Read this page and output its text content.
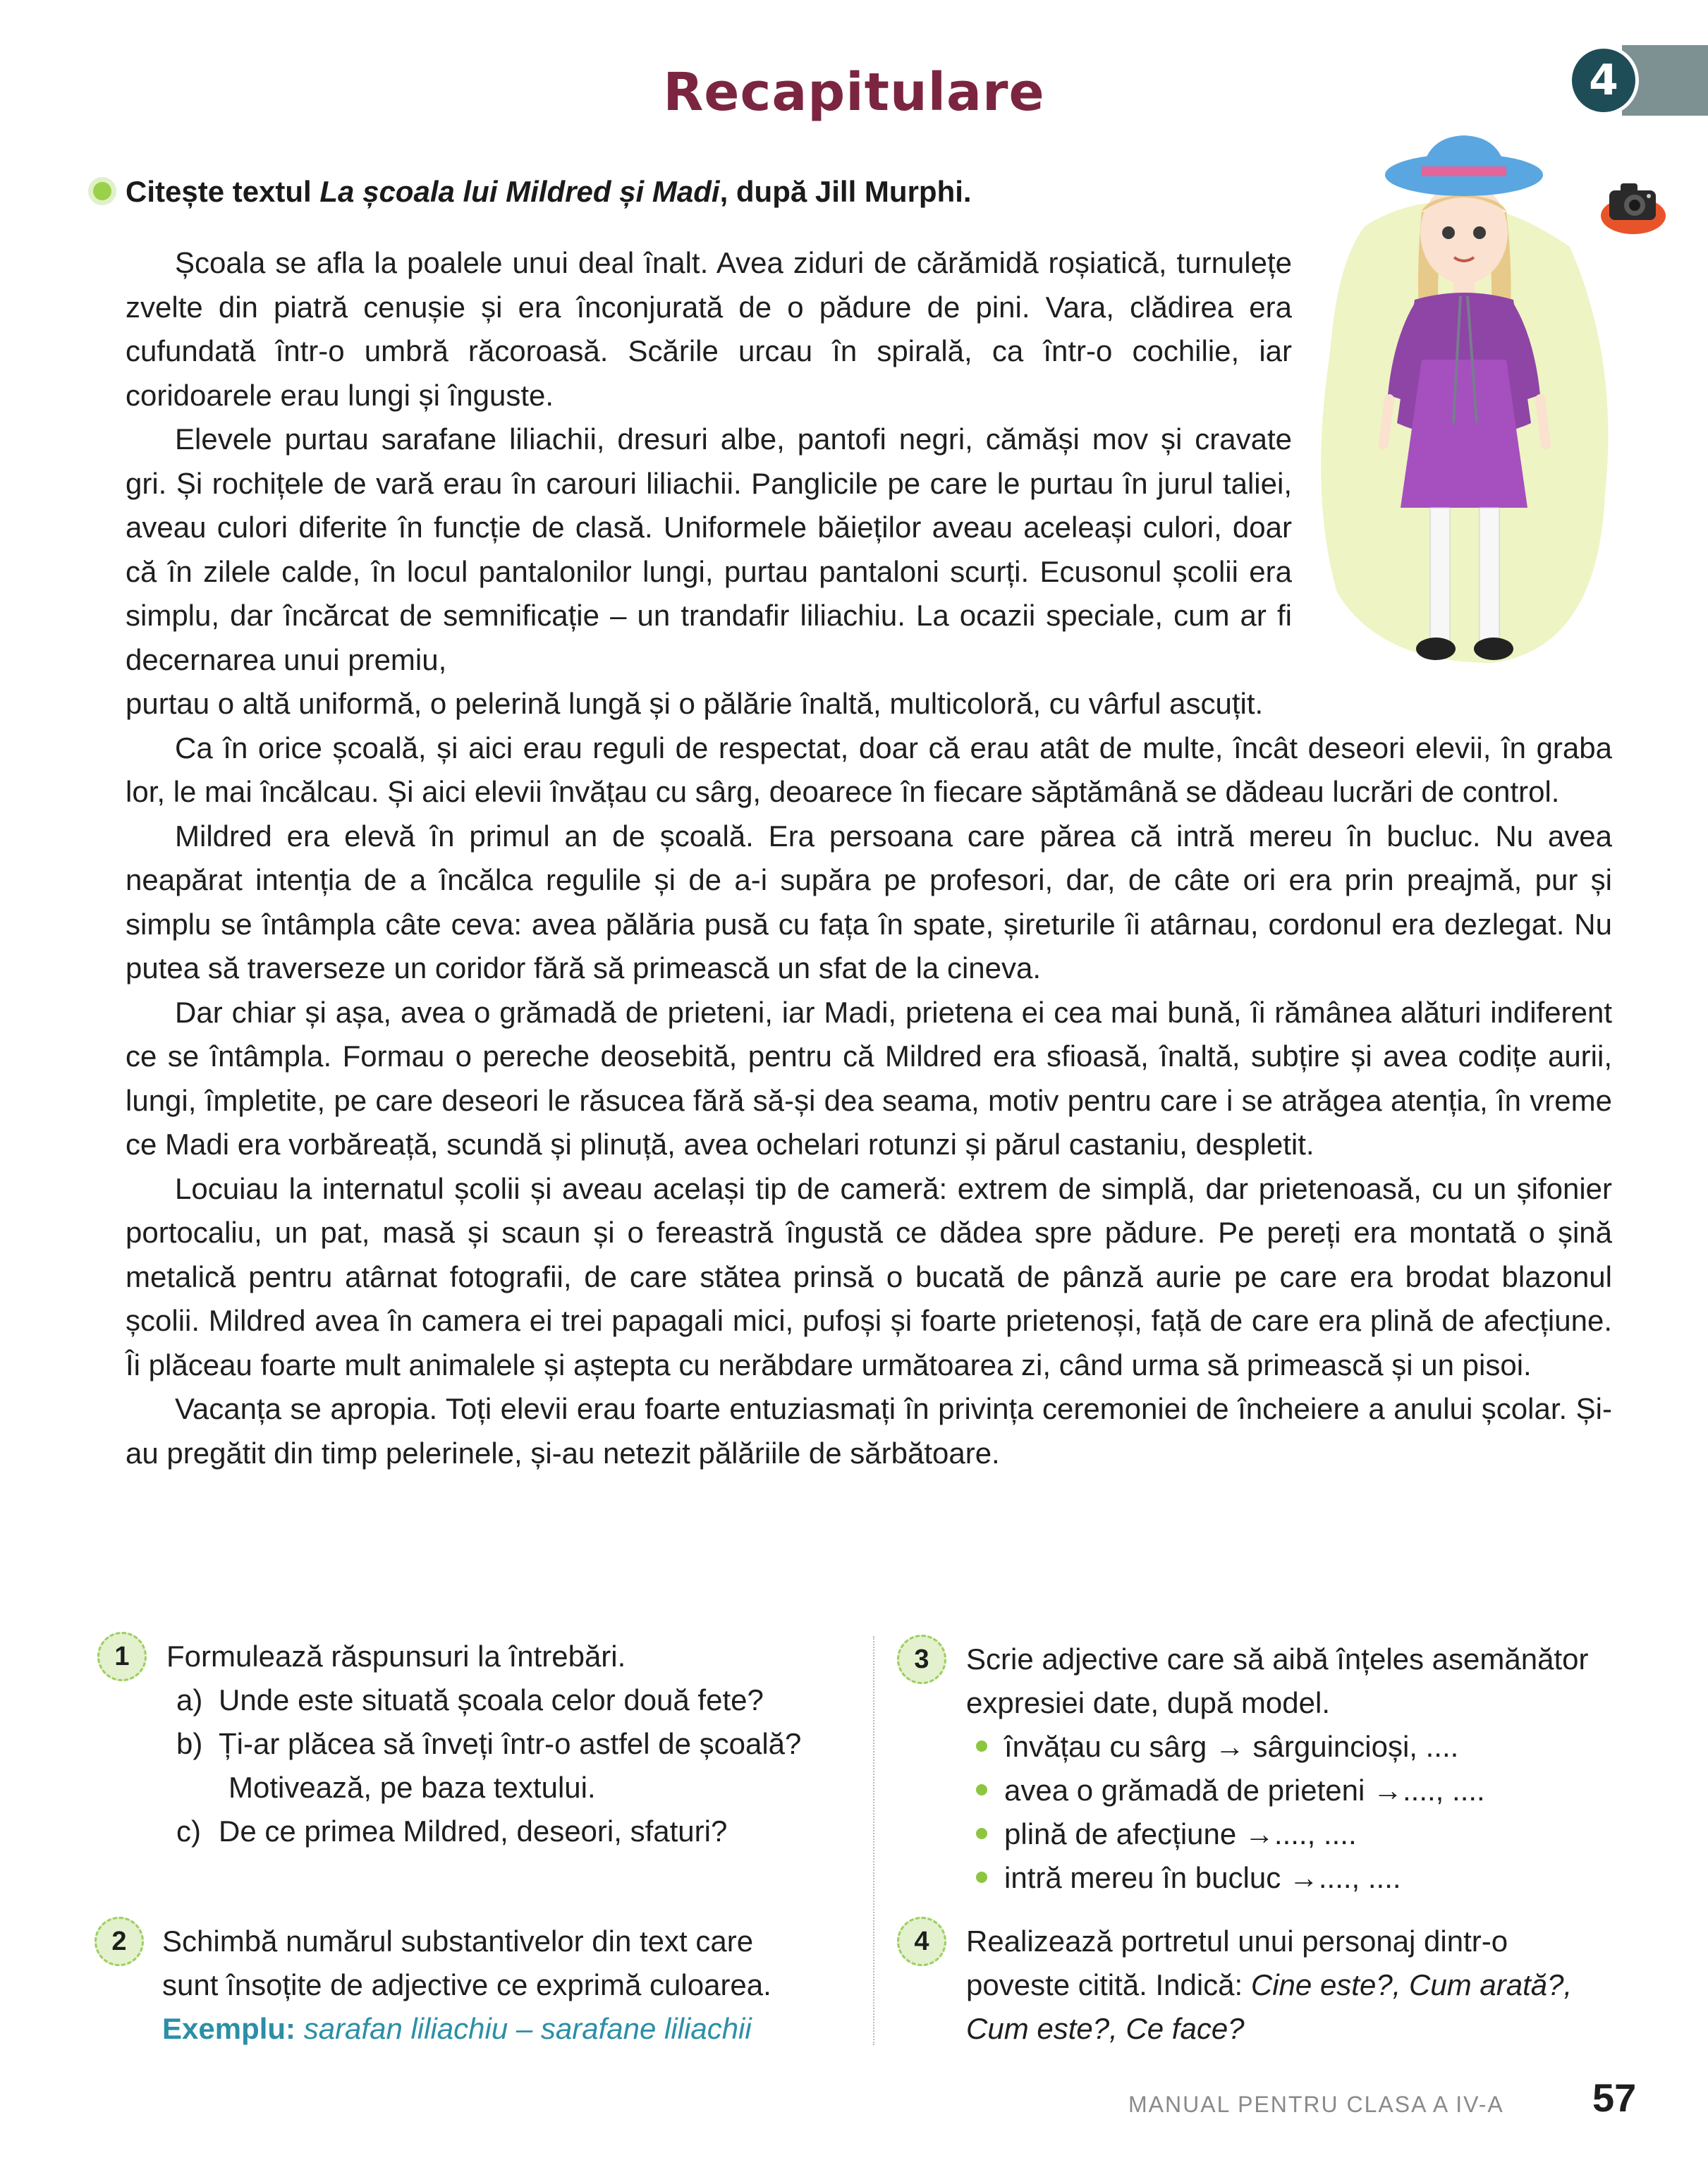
Recapitulare	4
Citește textul La școala lui Mildred și Madi, după Jill Murphi.

Școala se afla la poalele unui deal înalt. Avea ziduri de cărămidă roșiatică, turnulețe zvelte din piatră cenușie și era înconjurată de o pădure de pini. Vara, clădirea era cufundată într-o umbră răcoroasă. Scările urcau în spirală, ca într-o cochilie, iar coridoarele erau lungi și înguste.

Elevele purtau sarafane liliachii, dresuri albe, pantofi negri, cămăși mov și cravate gri. Și rochițele de vară erau în carouri liliachii. Panglicile pe care le purtau în jurul taliei, aveau culori diferite în funcție de clasă. Uniformele băieților aveau aceleași culori, doar că în zilele calde, în locul pantalonilor lungi, purtau pantaloni scurți. Ecusonul școlii era simplu, dar încărcat de semnificație – un trandafir liliachiu. La ocazii speciale, cum ar fi decernarea unui premiu,

purtau o altă uniformă, o pelerină lungă și o pălărie înaltă, multicoloră, cu vârful ascuțit.

Ca în orice școală, și aici erau reguli de respectat, doar că erau atât de multe, încât deseori elevii, în graba lor, le mai încălcau. Și aici elevii învățau cu sârg, deoarece în fiecare săptămână se dădeau lucrări de control.

Mildred era elevă în primul an de școală. Era persoana care părea că intră mereu în bucluc. Nu avea neapărat intenția de a încălca regulile și de a-i supăra pe profesori, dar, de câte ori era prin preajmă, pur și simplu se întâmpla câte ceva: avea pălăria pusă cu fața în spate, șireturile îi atârnau, cordonul era dezlegat. Nu putea să traverseze un coridor fără să primească un sfat de la cineva.

Dar chiar și așa, avea o grămadă de prieteni, iar Madi, prietena ei cea mai bună, îi rămânea alături indiferent ce se întâmpla. Formau o pereche deosebită, pentru că Mildred era sfioasă, înaltă, subțire și avea codițe aurii, lungi, împletite, pe care deseori le răsucea fără să-și dea seama, motiv pentru care i se atrăgea atenția, în vreme ce Madi era vorbăreață, scundă și plinuță, avea ochelari rotunzi și părul castaniu, despletit.

Locuiau la internatul școlii și aveau același tip de cameră: extrem de simplă, dar prietenoasă, cu un șifonier portocaliu, un pat, masă și scaun și o fereastră îngustă ce dădea spre pădure. Pe pereți era montată o șină metalică pentru atârnat fotografii, de care stătea prinsă o bucată de pânză aurie pe care era brodat blazonul școlii. Mildred avea în camera ei trei papagali mici, pufoși și foarte prietenoși, față de care era plină de afecțiune. Îi plăceau foarte mult animalele și aștepta cu nerăbdare următoarea zi, când urma să primească și un pisoi.

Vacanța se apropia. Toți elevii erau foarte entuziasmați în privința ceremoniei de încheiere a anului școlar. Și-au pregătit din timp pelerinele, și-au netezit pălăriile de sărbătoare.

1	Formulează răspunsuri la întrebări.
a) Unde este situată școala celor două fete?
b) Ți-ar plăcea să înveți într-o astfel de școală?
Motivează, pe baza textului.
c) De ce primea Mildred, deseori, sfaturi?
2	Schimbă numărul substantivelor din text care
sunt însoțite de adjective ce exprimă culoarea.
Exemplu: sarafan liliachiu – sarafane liliachii
3	Scrie adjective care să aibă înțeles asemănător
expresiei date, după model.
învățau cu sârg → sârguincioși, ....
avea o grămadă de prieteni →...., ....
plină de afecțiune →...., ....
intră mereu în bucluc →...., ....
4	Realizează portretul unui personaj dintr-o
poveste citită. Indică: Cine este?, Cum arată?,
Cum este?, Ce face?
MANUAL PENTRU CLASA A IV-A 57
